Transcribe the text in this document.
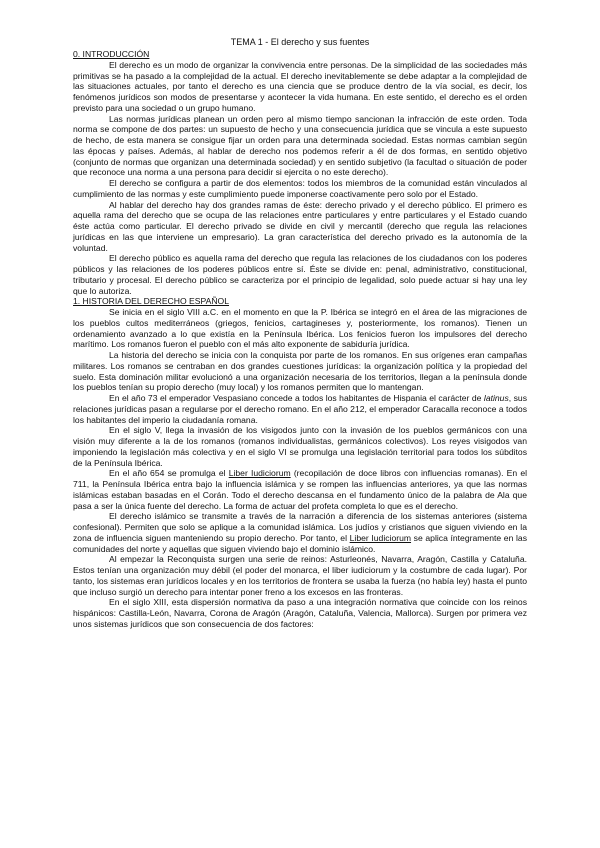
TEMA 1 - El derecho y sus fuentes
0. INTRODUCCIÓN

El derecho es un modo de organizar la convivencia entre personas. De la simplicidad de las sociedades más primitivas se ha pasado a la complejidad de la actual. El derecho inevitablemente se debe adaptar a la complejidad de las situaciones actuales, por tanto el derecho es una ciencia que se produce dentro de la vía social, es decir, los fenómenos jurídicos son modos de presentarse y acontecer la vida humana. En este sentido, el derecho es el orden previsto para una sociedad o un grupo humano.

Las normas jurídicas planean un orden pero al mismo tiempo sancionan la infracción de este orden. Toda norma se compone de dos partes: un supuesto de hecho y una consecuencia jurídica que se vincula a este supuesto de hecho, de esta manera se consigue fijar un orden para una determinada sociedad. Estas normas cambian según las épocas y países. Además, al hablar de derecho nos podemos referir a él de dos formas, en sentido objetivo (conjunto de normas que organizan una determinada sociedad) y en sentido subjetivo (la facultad o situación de poder que reconoce una norma a una persona para decidir si ejercita o no este derecho).

El derecho se configura a partir de dos elementos: todos los miembros de la comunidad están vinculados al cumplimiento de las normas y este cumplimiento puede imponerse coactivamente pero solo por el Estado.

Al hablar del derecho hay dos grandes ramas de éste: derecho privado y el derecho público. El primero es aquella rama del derecho que se ocupa de las relaciones entre particulares y entre particulares y el Estado cuando éste actúa como particular. El derecho privado se divide en civil y mercantil (derecho que regula las relaciones jurídicas en las que interviene un empresario). La gran característica del derecho privado es la autonomía de la voluntad.

El derecho público es aquella rama del derecho que regula las relaciones de los ciudadanos con los poderes públicos y las relaciones de los poderes públicos entre sí. Éste se divide en: penal, administrativo, constitucional, tributario y procesal. El derecho público se caracteriza por el principio de legalidad, solo puede actuar si hay una ley que lo autoriza.

1. HISTORIA DEL DERECHO ESPAÑOL

Se inicia en el siglo VIII a.C. en el momento en que la P. Ibérica se integró en el área de las migraciones de los pueblos cultos mediterráneos (griegos, fenicios, cartagineses y, posteriormente, los romanos). Tienen un ordenamiento avanzado a lo que existía en la Península Ibérica. Los fenicios fueron los impulsores del derecho marítimo. Los romanos fueron el pueblo con el más alto exponente de sabiduría jurídica.

La historia del derecho se inicia con la conquista por parte de los romanos. En sus orígenes eran campañas militares. Los romanos se centraban en dos grandes cuestiones jurídicas: la organización política y la propiedad del suelo. Esta dominación militar evolucionó a una organización necesaria de los territorios, llegan a la península donde los pueblos tenían su propio derecho (muy local) y los romanos permiten que lo mantengan.

En el año 73 el emperador Vespasiano concede a todos los habitantes de Hispania el carácter de latinus, sus relaciones jurídicas pasan a regularse por el derecho romano. En el año 212, el emperador Caracalla reconoce a todos los habitantes del imperio la ciudadanía romana.

En el siglo V, llega la invasión de los visigodos junto con la invasión de los pueblos germánicos con una visión muy diferente a la de los romanos (romanos individualistas, germánicos colectivos). Los reyes visigodos van imponiendo la legislación más colectiva y en el siglo VI se promulga una legislación territorial para todos los súbditos de la Península Ibérica.

En el año 654 se promulga el Liber Iudiciorum (recopilación de doce libros con influencias romanas). En el 711, la Península Ibérica entra bajo la influencia islámica y se rompen las influencias anteriores, ya que las normas islámicas estaban basadas en el Corán. Todo el derecho descansa en el fundamento único de la palabra de Ala que pasa a ser la única fuente del derecho. La forma de actuar del profeta completa lo que es el derecho.

El derecho islámico se transmite a través de la narración a diferencia de los sistemas anteriores (sistema confesional). Permiten que solo se aplique a la comunidad islámica. Los judíos y cristianos que siguen viviendo en la zona de influencia siguen manteniendo su propio derecho. Por tanto, el Liber Iudiciorum se aplica íntegramente en las comunidades del norte y aquellas que siguen viviendo bajo el dominio islámico.

Al empezar la Reconquista surgen una serie de reinos: Asturleonés, Navarra, Aragón, Castilla y Cataluña. Estos tenían una organización muy débil (el poder del monarca, el liber iudiciorum y la costumbre de cada lugar). Por tanto, los sistemas eran jurídicos locales y en los territorios de frontera se usaba la fuerza (no había ley) hasta el punto que incluso surgió un derecho para intentar poner freno a los excesos en las fronteras.

En el siglo XIII, esta dispersión normativa da paso a una integración normativa que coincide con los reinos hispánicos: Castilla-León, Navarra, Corona de Aragón (Aragón, Cataluña, Valencia, Mallorca). Surgen por primera vez unos sistemas jurídicos que son consecuencia de dos factores:
